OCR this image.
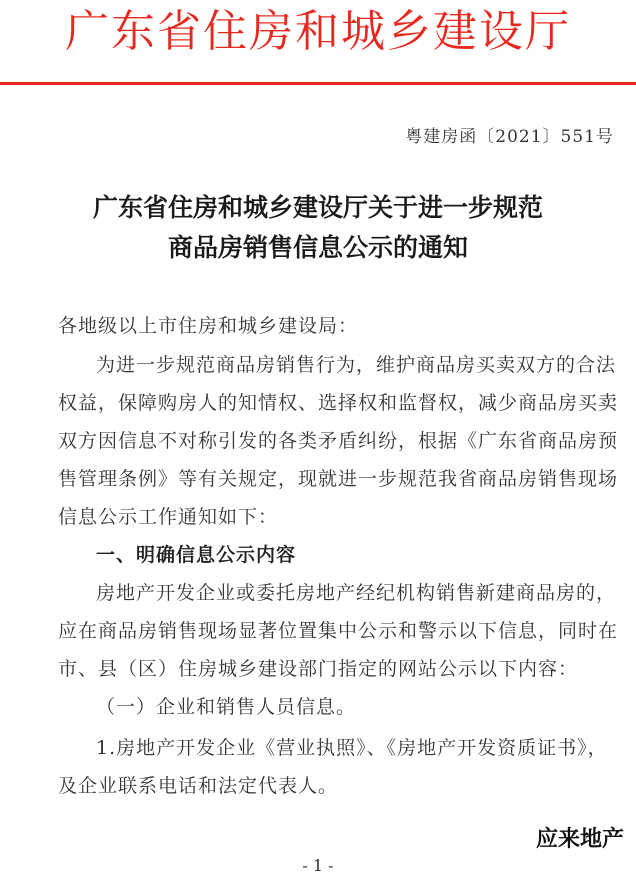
广东省住房和城乡建设厅
粤建房函〔2021〕551号
广东省住房和城乡建设厅关于进一步规范
商品房销售信息公示的通知
各地级以上市住房和城乡建设局：
为进一步规范商品房销售行为，维护商品房买卖双方的合法权益，保障购房人的知情权、选择权和监督权，减少商品房买卖双方因信息不对称引发的各类矛盾纠纷，根据《广东省商品房预售管理条例》等有关规定，现就进一步规范我省商品房销售现场信息公示工作通知如下：
一、明确信息公示内容
房地产开发企业或委托房地产经纪机构销售新建商品房的，应在商品房销售现场显著位置集中公示和警示以下信息，同时在市、县（区）住房城乡建设部门指定的网站公示以下内容：
（一）企业和销售人员信息。
1.房地产开发企业《营业执照》、《房地产开发资质证书》，及企业联系电话和法定代表人。
应来地产
- 1 -
